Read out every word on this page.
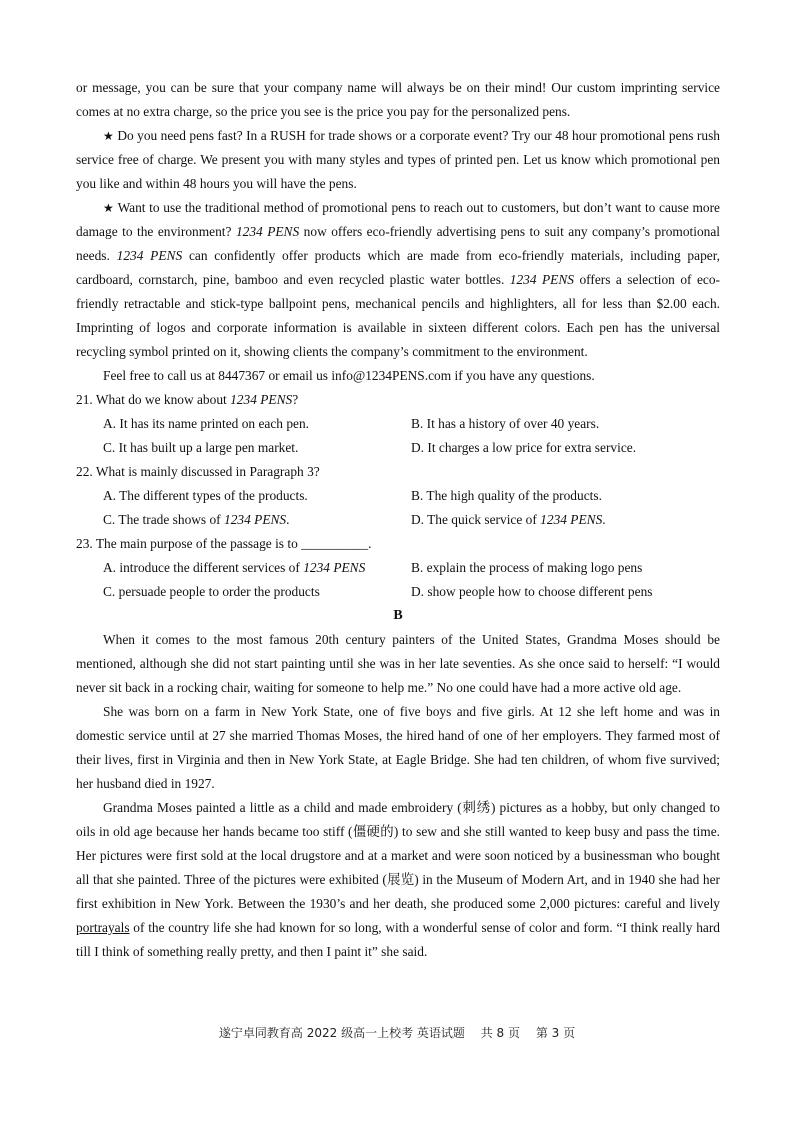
or message, you can be sure that your company name will always be on their mind! Our custom imprinting service comes at no extra charge, so the price you see is the price you pay for the personalized pens.

★ Do you need pens fast? In a RUSH for trade shows or a corporate event? Try our 48 hour promotional pens rush service free of charge. We present you with many styles and types of printed pen. Let us know which promotional pen you like and within 48 hours you will have the pens.

★ Want to use the traditional method of promotional pens to reach out to customers, but don’t want to cause more damage to the environment? 1234 PENS now offers eco-friendly advertising pens to suit any company’s promotional needs. 1234 PENS can confidently offer products which are made from eco-friendly materials, including paper, cardboard, cornstarch, pine, bamboo and even recycled plastic water bottles. 1234 PENS offers a selection of eco-friendly retractable and stick-type ballpoint pens, mechanical pencils and highlighters, all for less than $2.00 each. Imprinting of logos and corporate information is available in sixteen different colors. Each pen has the universal recycling symbol printed on it, showing clients the company’s commitment to the environment.

Feel free to call us at 8447367 or email us info@1234PENS.com if you have any questions.

21. What do we know about 1234 PENS?
A. It has its name printed on each pen.	B. It has a history of over 40 years.
C. It has built up a large pen market.	D. It charges a low price for extra service.
22. What is mainly discussed in Paragraph 3?
A. The different types of the products.	B. The high quality of the products.
C. The trade shows of 1234 PENS.	D. The quick service of 1234 PENS.
23. The main purpose of the passage is to __________.
A. introduce the different services of 1234 PENS	B. explain the process of making logo pens
C. persuade people to order the products	D. show people how to choose different pens
B

When it comes to the most famous 20th century painters of the United States, Grandma Moses should be mentioned, although she did not start painting until she was in her late seventies. As she once said to herself: “I would never sit back in a rocking chair, waiting for someone to help me.” No one could have had a more active old age.

She was born on a farm in New York State, one of five boys and five girls. At 12 she left home and was in domestic service until at 27 she married Thomas Moses, the hired hand of one of her employers. They farmed most of their lives, first in Virginia and then in New York State, at Eagle Bridge. She had ten children, of whom five survived; her husband died in 1927.

Grandma Moses painted a little as a child and made embroidery (刺绣) pictures as a hobby, but only changed to oils in old age because her hands became too stiff (僵硬的) to sew and she still wanted to keep busy and pass the time. Her pictures were first sold at the local drugstore and at a market and were soon noticed by a businessman who bought all that she painted. Three of the pictures were exhibited (展览) in the Museum of Modern Art, and in 1940 she had her first exhibition in New York. Between the 1930’s and her death, she produced some 2,000 pictures: careful and lively portrayals of the country life she had known for so long, with a wonderful sense of color and form. “I think really hard till I think of something really pretty, and then I paint it” she said.

遂宁卓同教育高 2022 级高一上校考 英语试题 共 8 页 第 3 页
